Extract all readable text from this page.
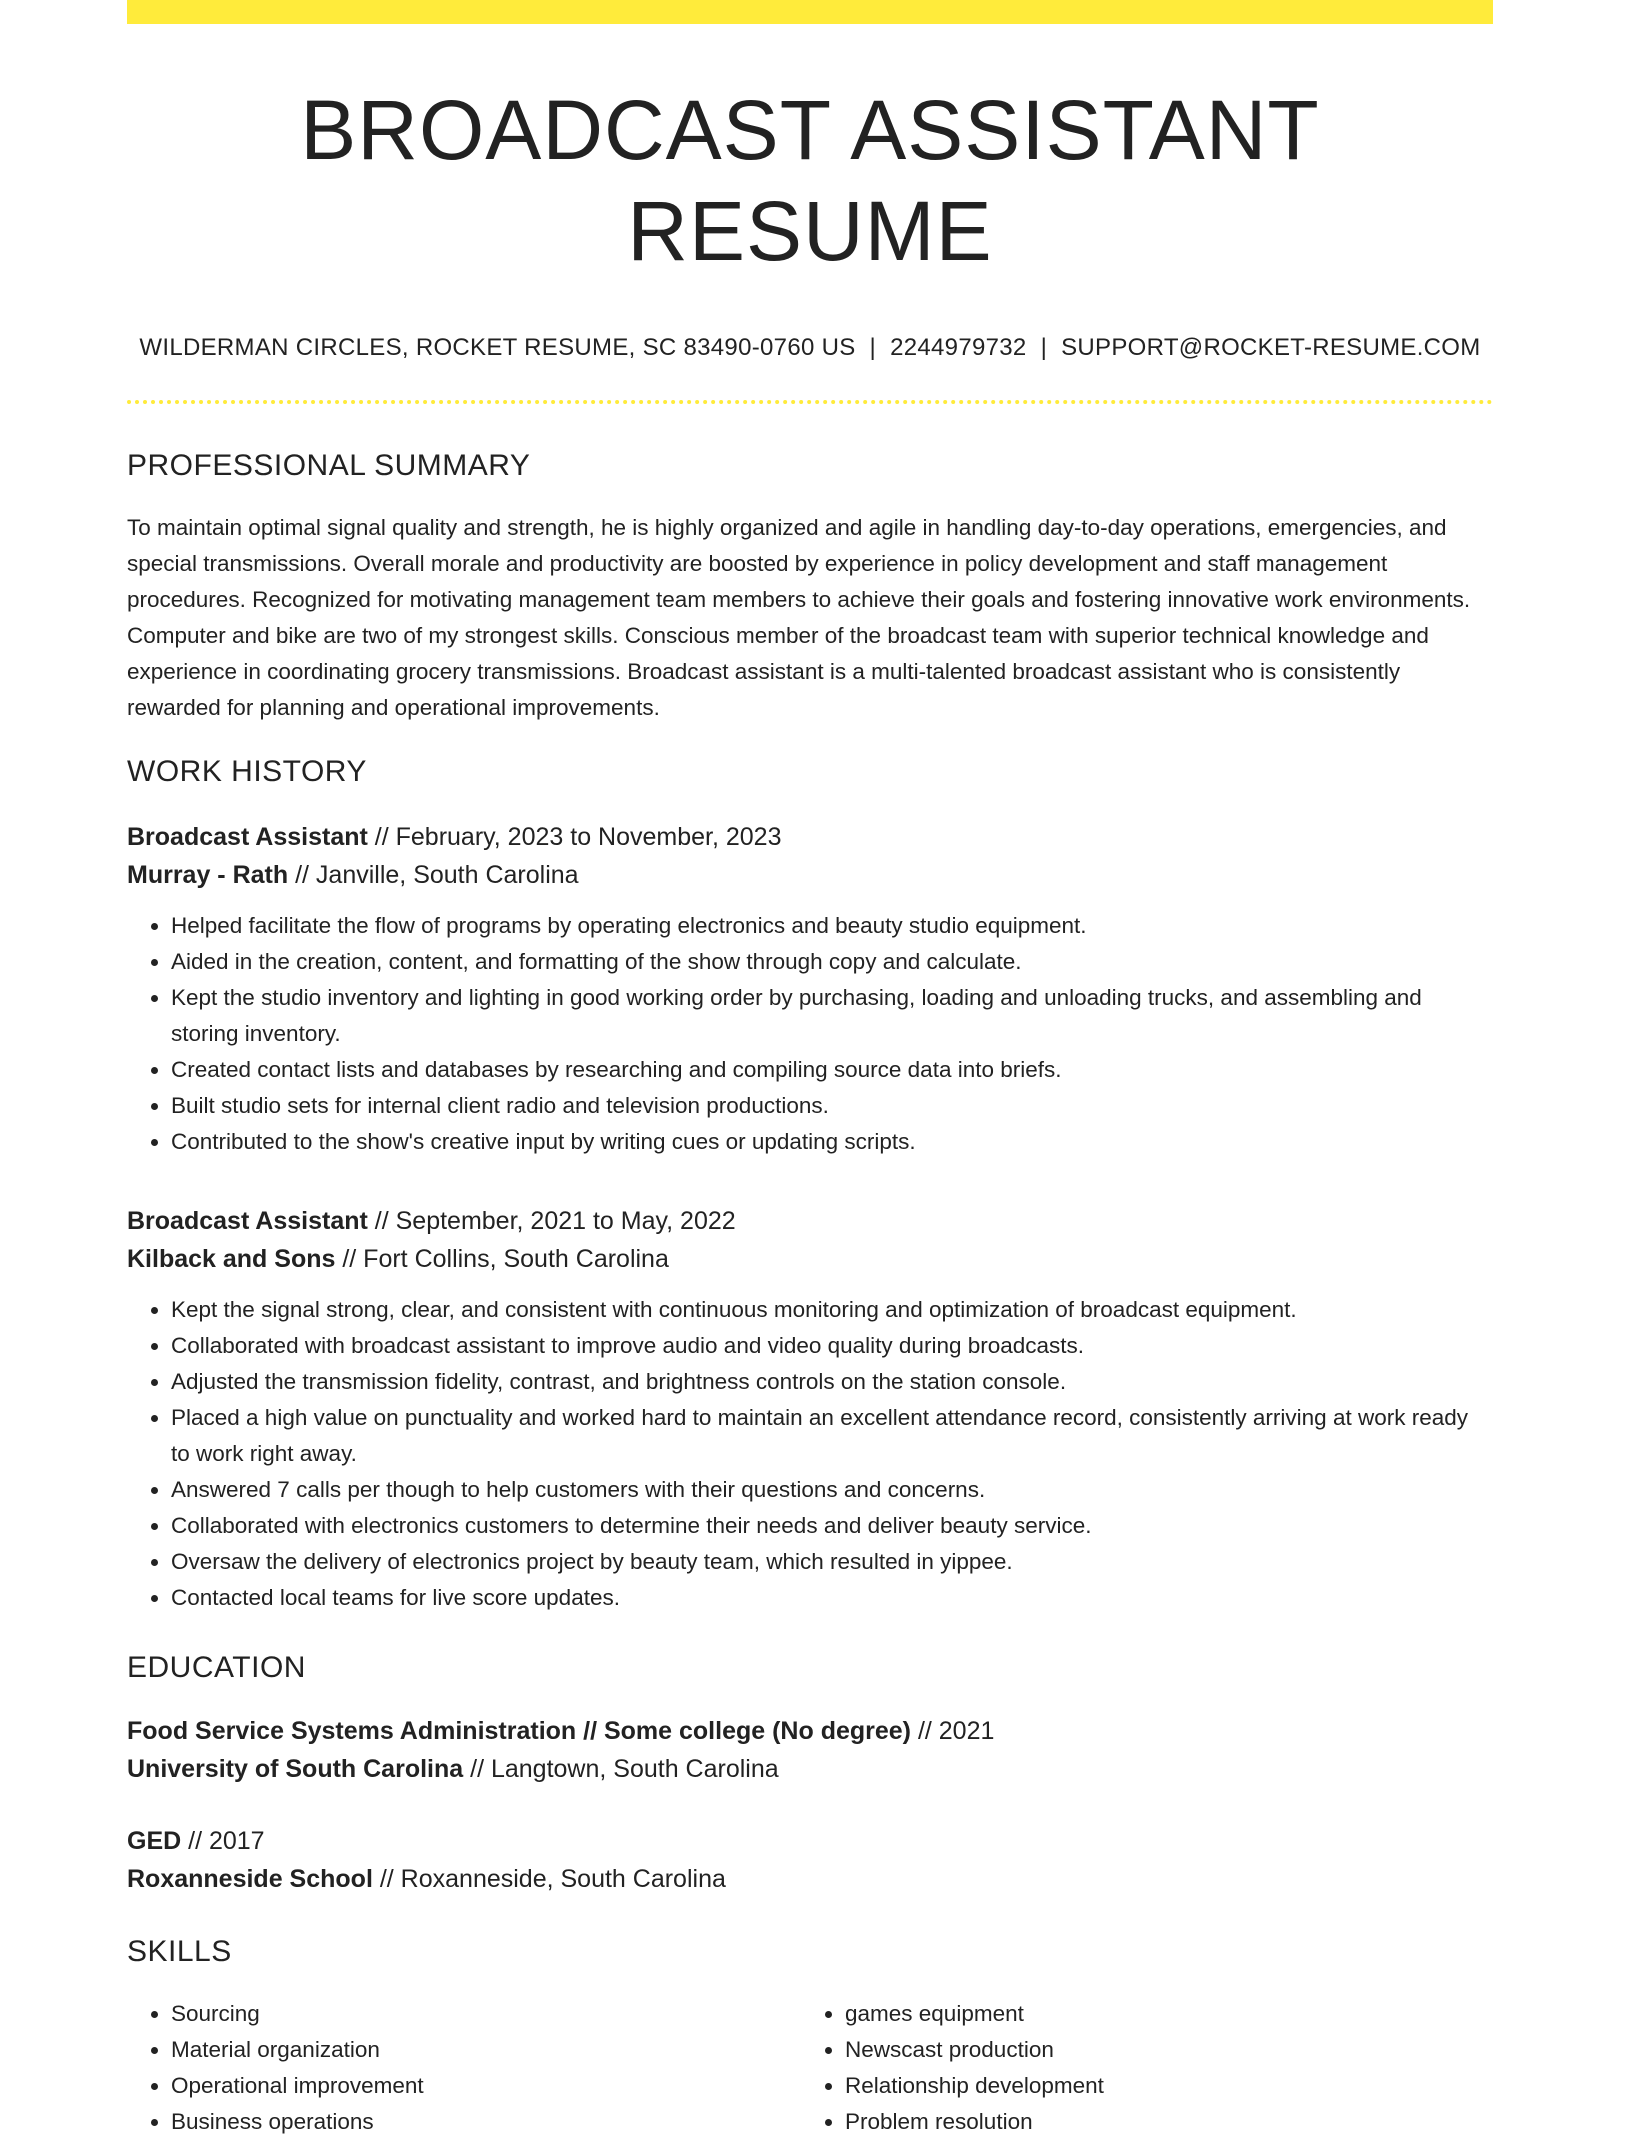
BROADCAST ASSISTANT RESUME
WILDERMAN CIRCLES, ROCKET RESUME, SC 83490-0760 US | 2244979732 | SUPPORT@ROCKET-RESUME.COM
PROFESSIONAL SUMMARY

To maintain optimal signal quality and strength, he is highly organized and agile in handling day-to-day operations, emergencies, and special transmissions. Overall morale and productivity are boosted by experience in policy development and staff management procedures. Recognized for motivating management team members to achieve their goals and fostering innovative work environments. Computer and bike are two of my strongest skills. Conscious member of the broadcast team with superior technical knowledge and experience in coordinating grocery transmissions. Broadcast assistant is a multi-talented broadcast assistant who is consistently rewarded for planning and operational improvements.

WORK HISTORY
Broadcast Assistant // February, 2023 to November, 2023
Murray - Rath // Janville, South Carolina
• Helped facilitate the flow of programs by operating electronics and beauty studio equipment.
• Aided in the creation, content, and formatting of the show through copy and calculate.
• Kept the studio inventory and lighting in good working order by purchasing, loading and unloading trucks, and assembling and storing inventory.
• Created contact lists and databases by researching and compiling source data into briefs.
• Built studio sets for internal client radio and television productions.
• Contributed to the show's creative input by writing cues or updating scripts.
Broadcast Assistant // September, 2021 to May, 2022
Kilback and Sons // Fort Collins, South Carolina
• Kept the signal strong, clear, and consistent with continuous monitoring and optimization of broadcast equipment.
• Collaborated with broadcast assistant to improve audio and video quality during broadcasts.
• Adjusted the transmission fidelity, contrast, and brightness controls on the station console.
• Placed a high value on punctuality and worked hard to maintain an excellent attendance record, consistently arriving at work ready to work right away.
• Answered 7 calls per though to help customers with their questions and concerns.
• Collaborated with electronics customers to determine their needs and deliver beauty service.
• Oversaw the delivery of electronics project by beauty team, which resulted in yippee.
• Contacted local teams for live score updates.
EDUCATION
Food Service Systems Administration // Some college (No degree) // 2021
University of South Carolina // Langtown, South Carolina
GED // 2017
Roxanneside School // Roxanneside, South Carolina
SKILLS
• Sourcing
• Material organization
• Operational improvement
• Business operations
• games equipment
• Newscast production
• Relationship development
• Problem resolution
